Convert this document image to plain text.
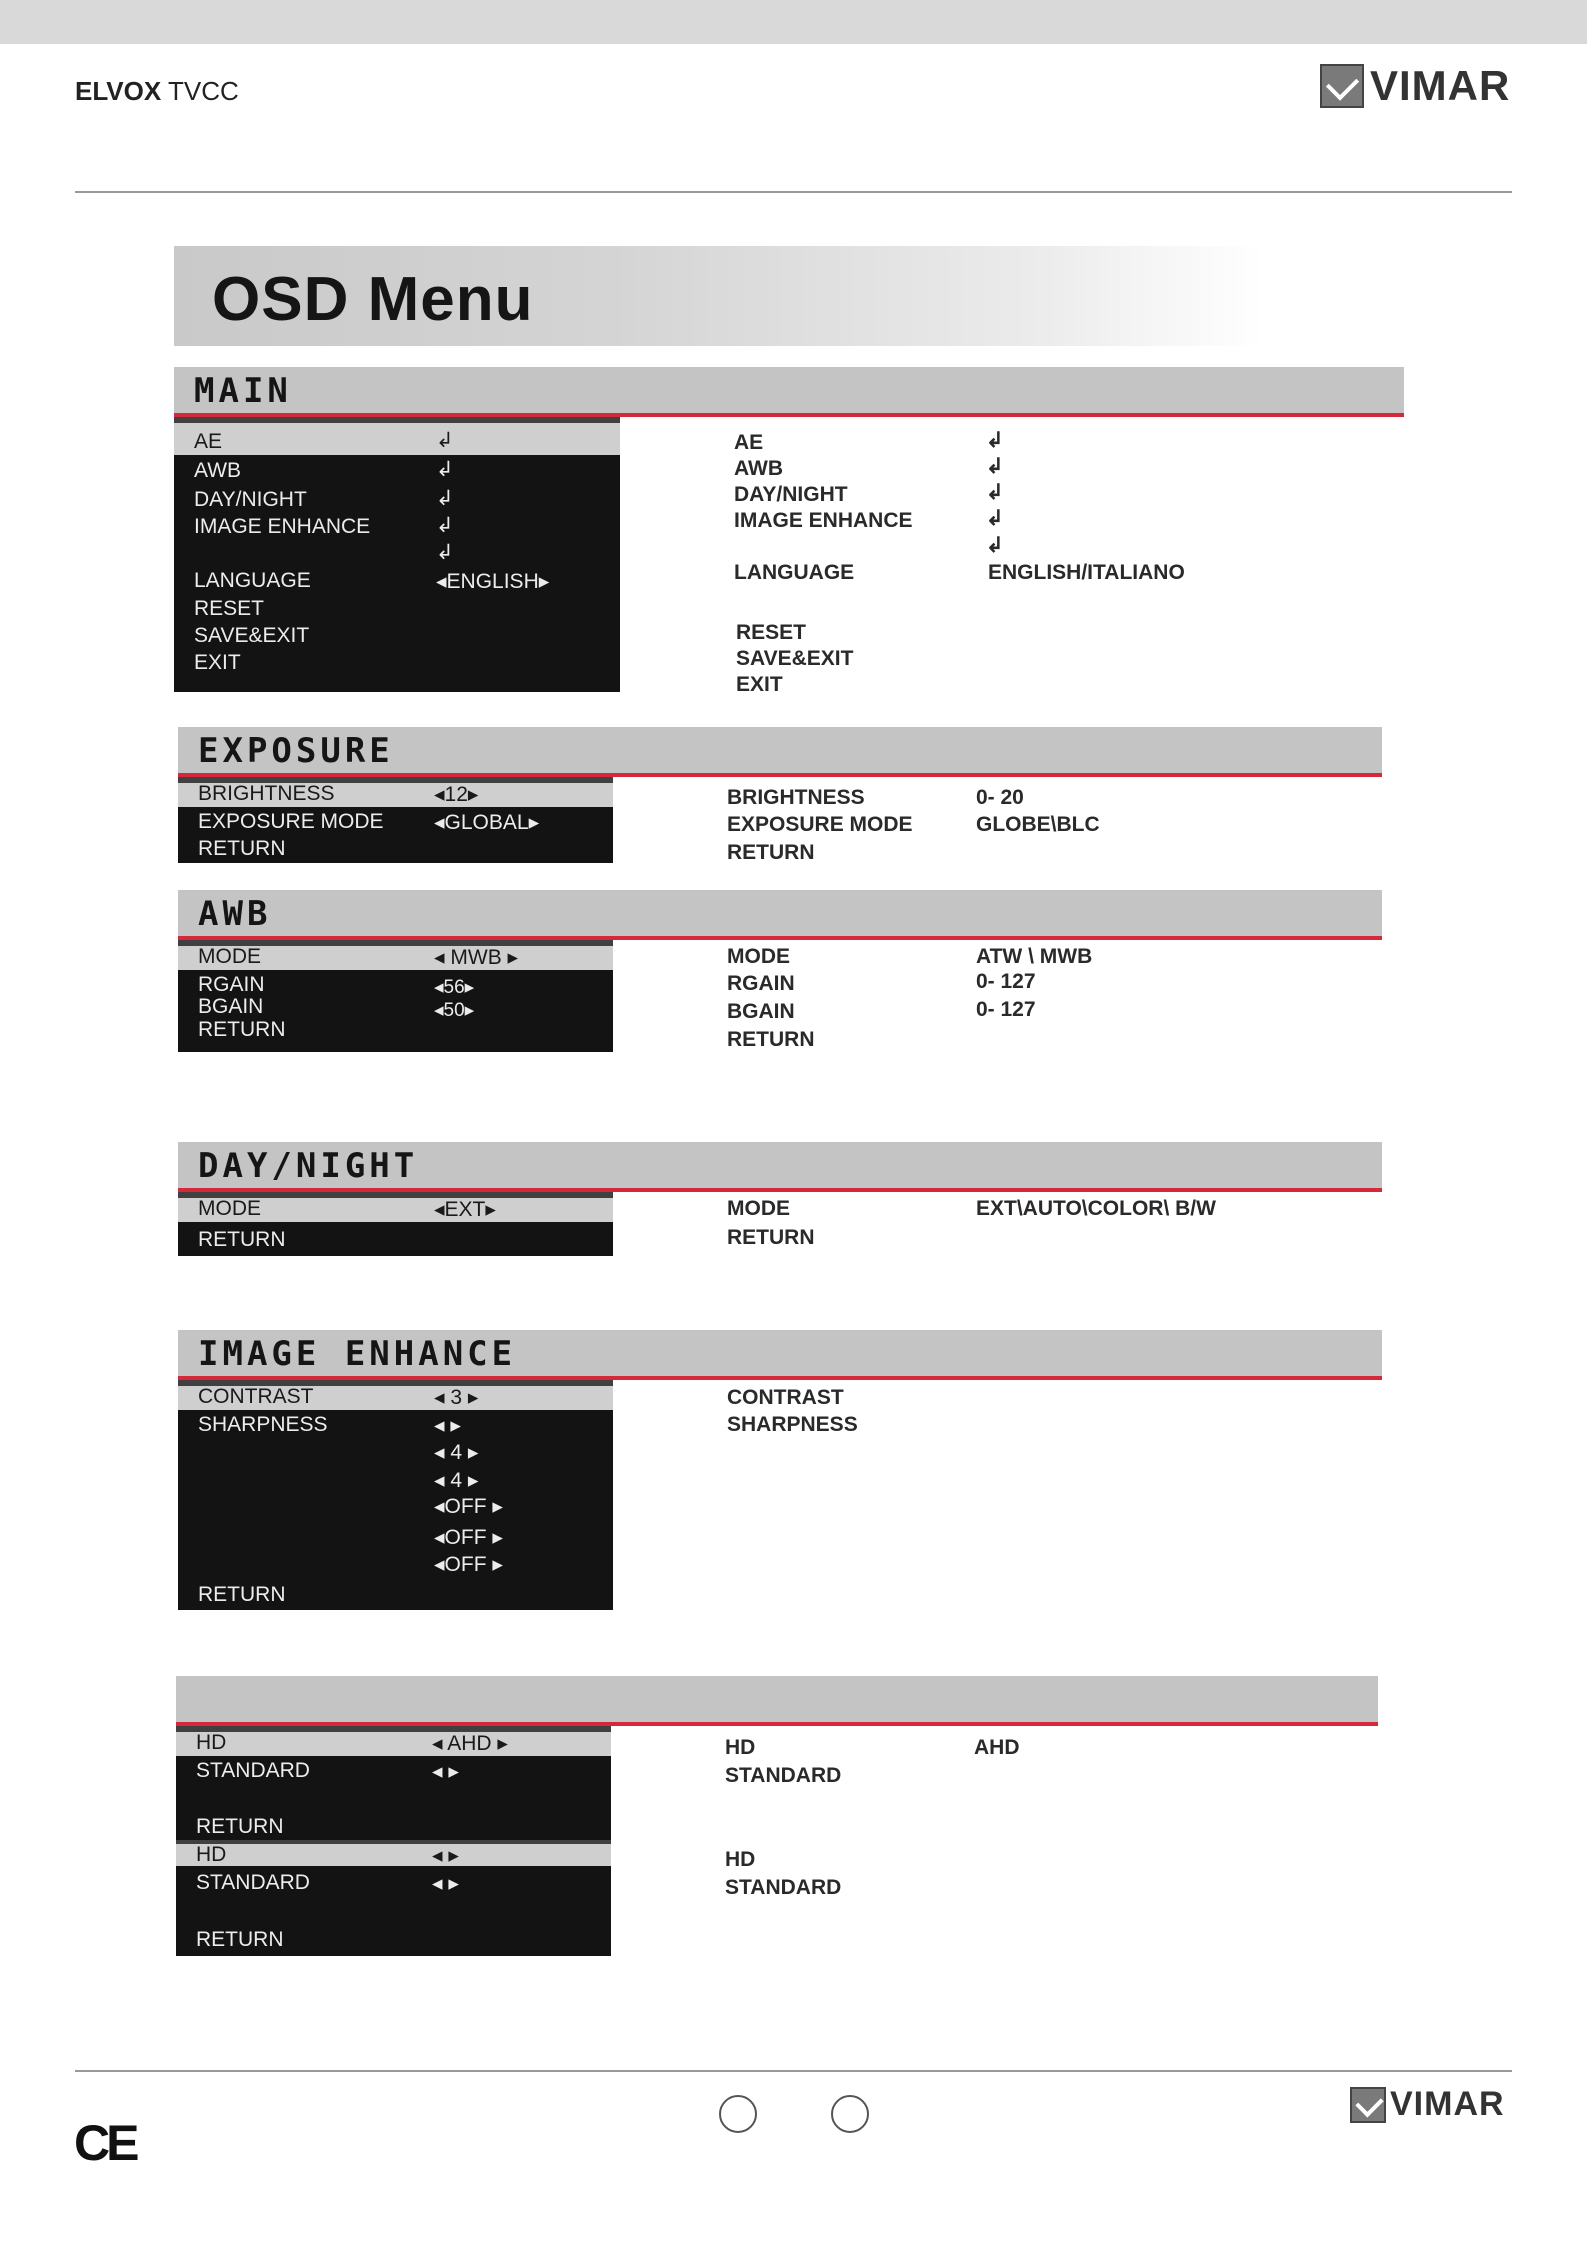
ELVOX TVCC	VIMAR
OSD Menu
MAIN
AE
AWB
DAY/NIGHT
IMAGE ENHANCE
LANGUAGE
RESET
SAVE&EXIT
EXIT
↲
↲
↲
↲
↲
◂ENGLISH▸
AE
AWB
DAY/NIGHT
IMAGE ENHANCE
LANGUAGE
RESET
SAVE&EXIT
EXIT
↲
↲
↲
↲
↲
ENGLISH/ITALIANO
EXPOSURE
BRIGHTNESS
EXPOSURE MODE
RETURN
◂12▸
◂GLOBAL▸
BRIGHTNESS
EXPOSURE MODE
RETURN
0- 20
GLOBE\BLC
AWB
MODE
RGAIN
BGAIN
RETURN
◂ MWB ▸
◂56▸
◂50▸
MODE
RGAIN
BGAIN
RETURN
ATW \ MWB
0- 127
0- 127
DAY/NIGHT
MODE
RETURN
◂EXT▸	MODE
RETURN
EXT\AUTO\COLOR\ B/W
IMAGE ENHANCE
CONTRAST
SHARPNESS
RETURN
◂ 3 ▸
◂ ▸
◂ 4 ▸
◂ 4 ▸
◂OFF ▸
◂OFF ▸
◂OFF ▸
CONTRAST
SHARPNESS
HD
STANDARD
RETURN
HD
STANDARD
RETURN
◂ AHD ▸
◂ ▸
◂ ▸
◂ ▸
HD
STANDARD
AHD
HD
STANDARD
CE
VIMAR
